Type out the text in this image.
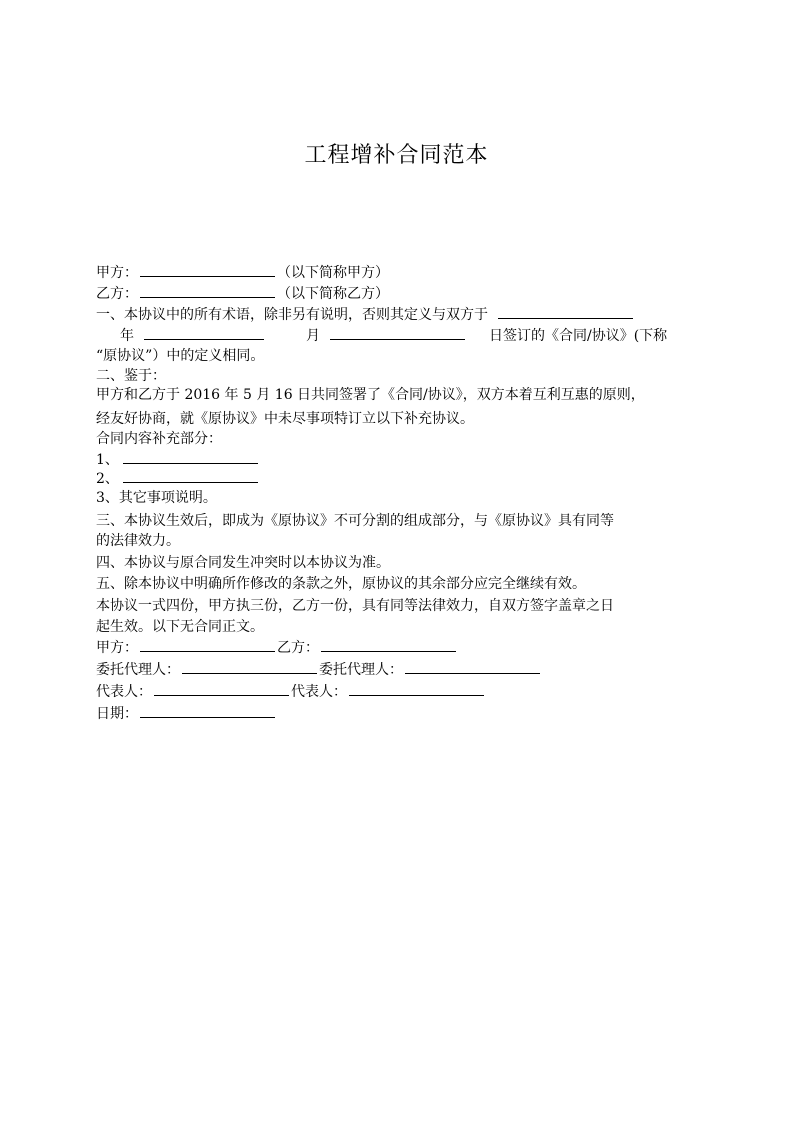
工程增补合同范本
甲方：	（以下简称甲方）
乙方：	（以下简称乙方）
一、本协议中的所有术语，除非另有说明，否则其定义与双方于
年	月	日签订的《合同/协议》(下称
“原协议”）中的定义相同。
二、鉴于：
甲方和乙方于 2016 年 5 月 16 日共同签署了《合同/协议》，双方本着互利互惠的原则，
经友好协商，就《原协议》中未尽事项特订立以下补充协议。
合同内容补充部分：
1、
2、
3、其它事项说明。
三、本协议生效后，即成为《原协议》不可分割的组成部分，与《原协议》具有同等
的法律效力。
四、本协议与原合同发生冲突时以本协议为准。
五、除本协议中明确所作修改的条款之外，原协议的其余部分应完全继续有效。
本协议一式四份，甲方执三份，乙方一份，具有同等法律效力，自双方签字盖章之日
起生效。以下无合同正文。
甲方：	乙方：
委托代理人：	委托代理人：
代表人：	代表人：
日期：
